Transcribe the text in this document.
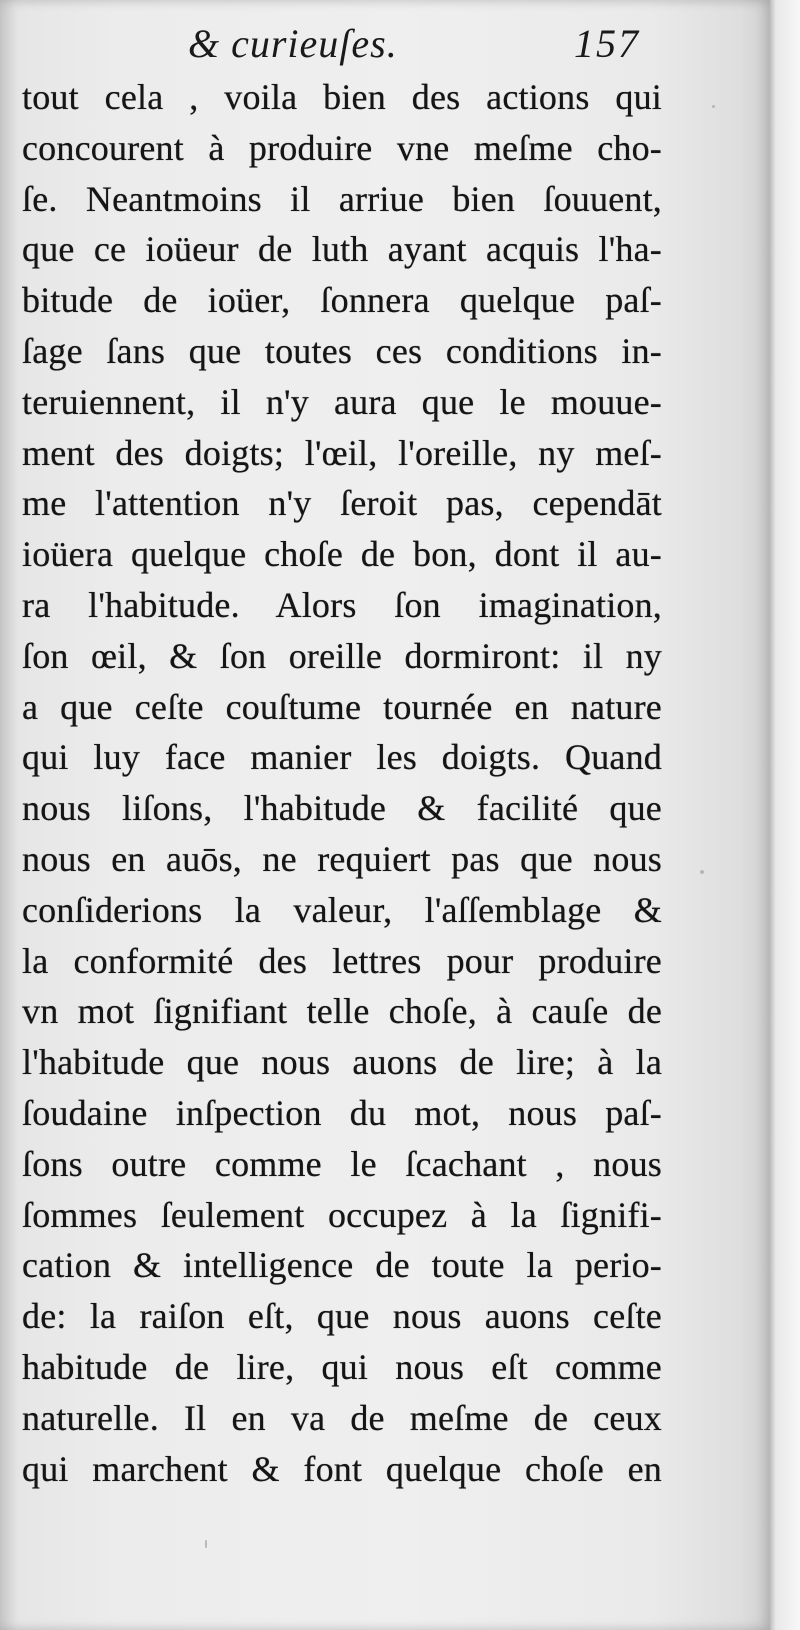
& curieuſes.	157
tout cela , voila bien des actions qui
concourent à produire vne meſme cho-
ſe. Neantmoins il arriue bien ſouuent,
que ce ioüeur de luth ayant acquis l'ha-
bitude de ioüer, ſonnera quelque paſ-
ſage ſans que toutes ces conditions in-
teruiennent, il n'y aura que le mouue-
ment des doigts; l'œil, l'oreille, ny meſ-
me l'attention n'y ſeroit pas, cependāt
ioüera quelque choſe de bon, dont il au-
ra l'habitude. Alors ſon imagination,
ſon œil, & ſon oreille dormiront: il ny
a que ceſte couſtume tournée en nature
qui luy face manier les doigts. Quand
nous liſons, l'habitude & facilité que
nous en auōs, ne requiert pas que nous
conſiderions la valeur, l'aſſemblage &
la conformité des lettres pour produire
vn mot ſignifiant telle choſe, à cauſe de
l'habitude que nous auons de lire; à la
ſoudaine inſpection du mot, nous paſ-
ſons outre comme le ſcachant , nous
ſommes ſeulement occupez à la ſignifi-
cation & intelligence de toute la perio-
de: la raiſon eſt, que nous auons ceſte
habitude de lire, qui nous eſt comme
naturelle. Il en va de meſme de ceux
qui marchent & font quelque choſe en
